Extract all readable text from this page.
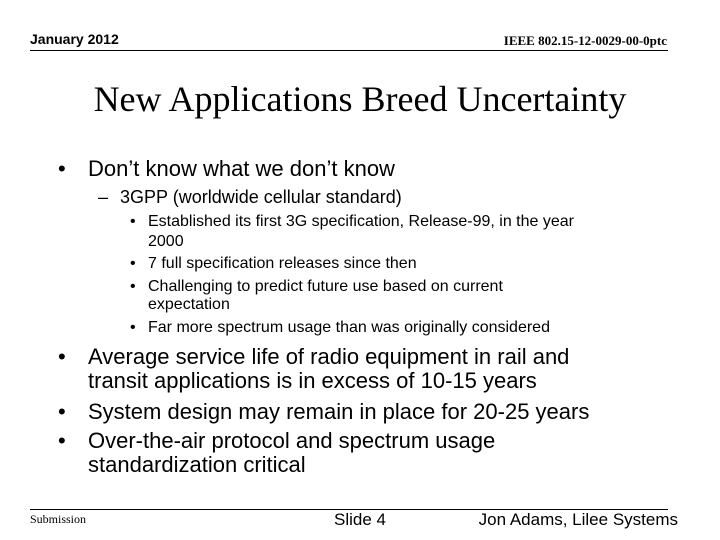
January 2012	IEEE 802.15-12-0029-00-0ptc
New Applications Breed Uncertainty
• Don’t know what we don’t know
– 3GPP (worldwide cellular standard)
• Established its first 3G specification, Release-99, in the year
2000
• 7 full specification releases since then
• Challenging to predict future use based on current
expectation
• Far more spectrum usage than was originally considered
• Average service life of radio equipment in rail and
transit applications is in excess of 10-15 years
• System design may remain in place for 20-25 years
• Over-the-air protocol and spectrum usage
standardization critical
Submission	Slide 4	Jon Adams, Lilee Systems
